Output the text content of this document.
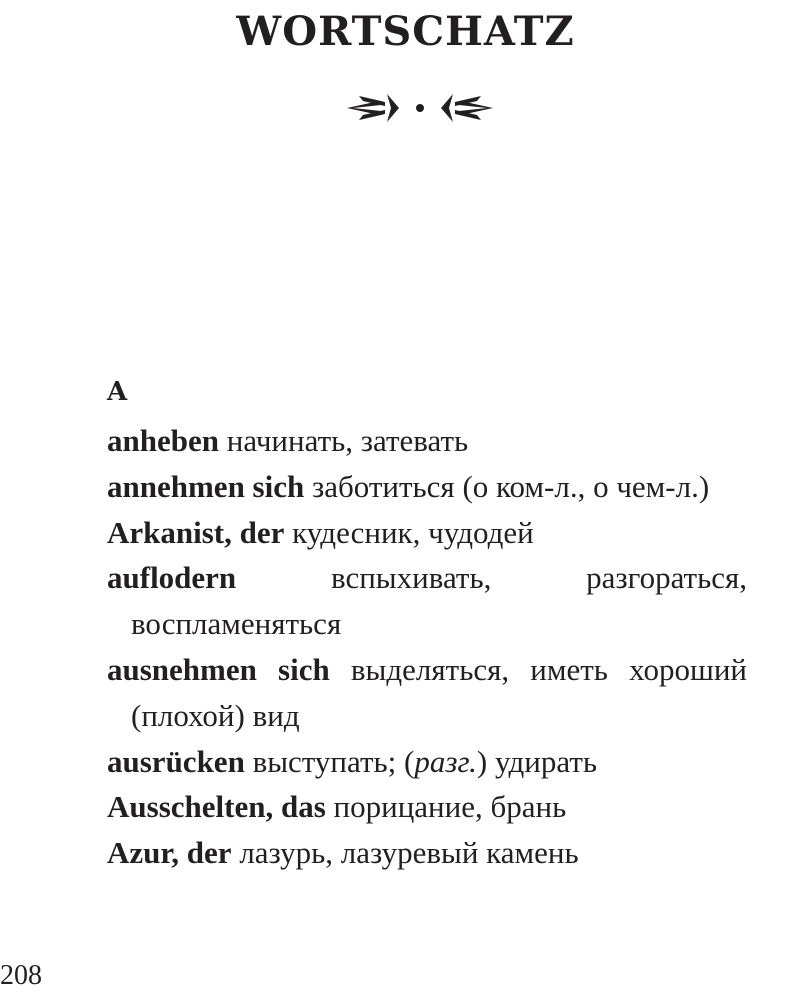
WORTSCHATZ

A

anheben начинать, затевать
annehmen sich заботиться (о ком-л., о чем-л.)
Arkanist, der кудесник, чудодей
auflodern вспыхивать, разгораться, воспламеняться
ausnehmen sich выделяться, иметь хороший (плохой) вид
ausrücken выступать; (разг.) удирать
Ausschelten, das порицание, брань
Azur, der лазурь, лазуревый камень

208
